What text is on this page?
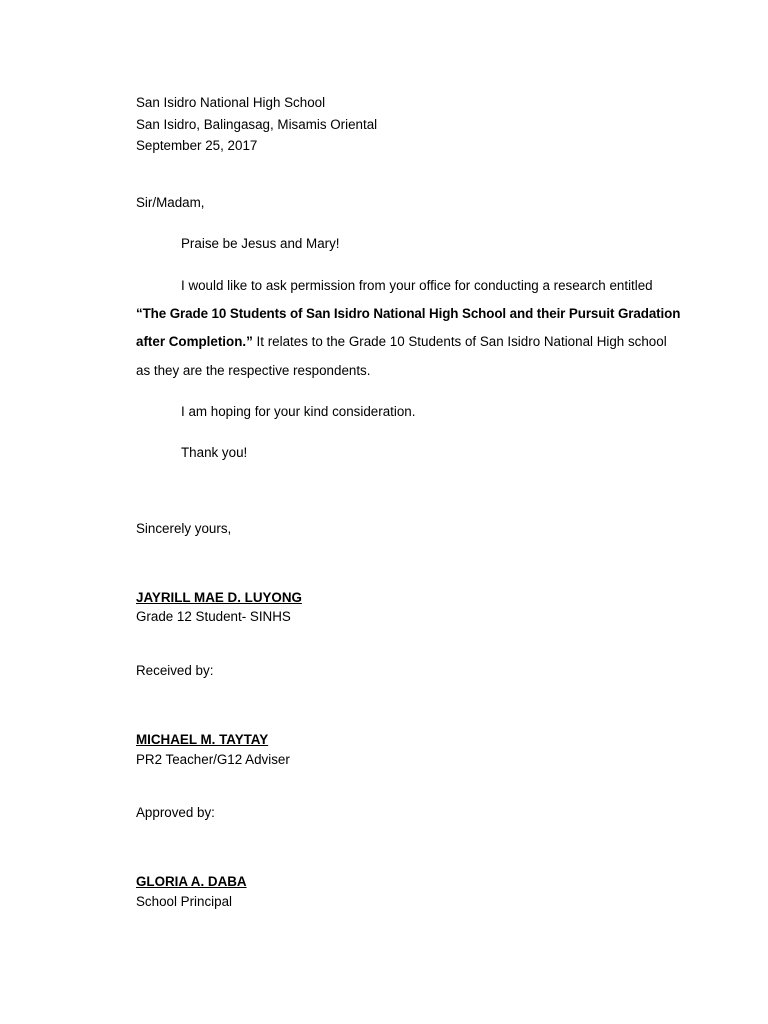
San Isidro National High School
San Isidro, Balingasag, Misamis Oriental
September 25, 2017
Sir/Madam,
Praise be Jesus and Mary!
I would like to ask permission from your office for conducting a research entitled
“The Grade 10 Students of San Isidro National High School and their Pursuit Gradation
after Completion.” It relates to the Grade 10 Students of San Isidro National High school
as they are the respective respondents.
I am hoping for your kind consideration.
Thank you!
Sincerely yours,
JAYRILL MAE D. LUYONG
Grade 12 Student- SINHS
Received by:
MICHAEL M. TAYTAY
PR2 Teacher/G12 Adviser
Approved by:
GLORIA A. DABA
School Principal
